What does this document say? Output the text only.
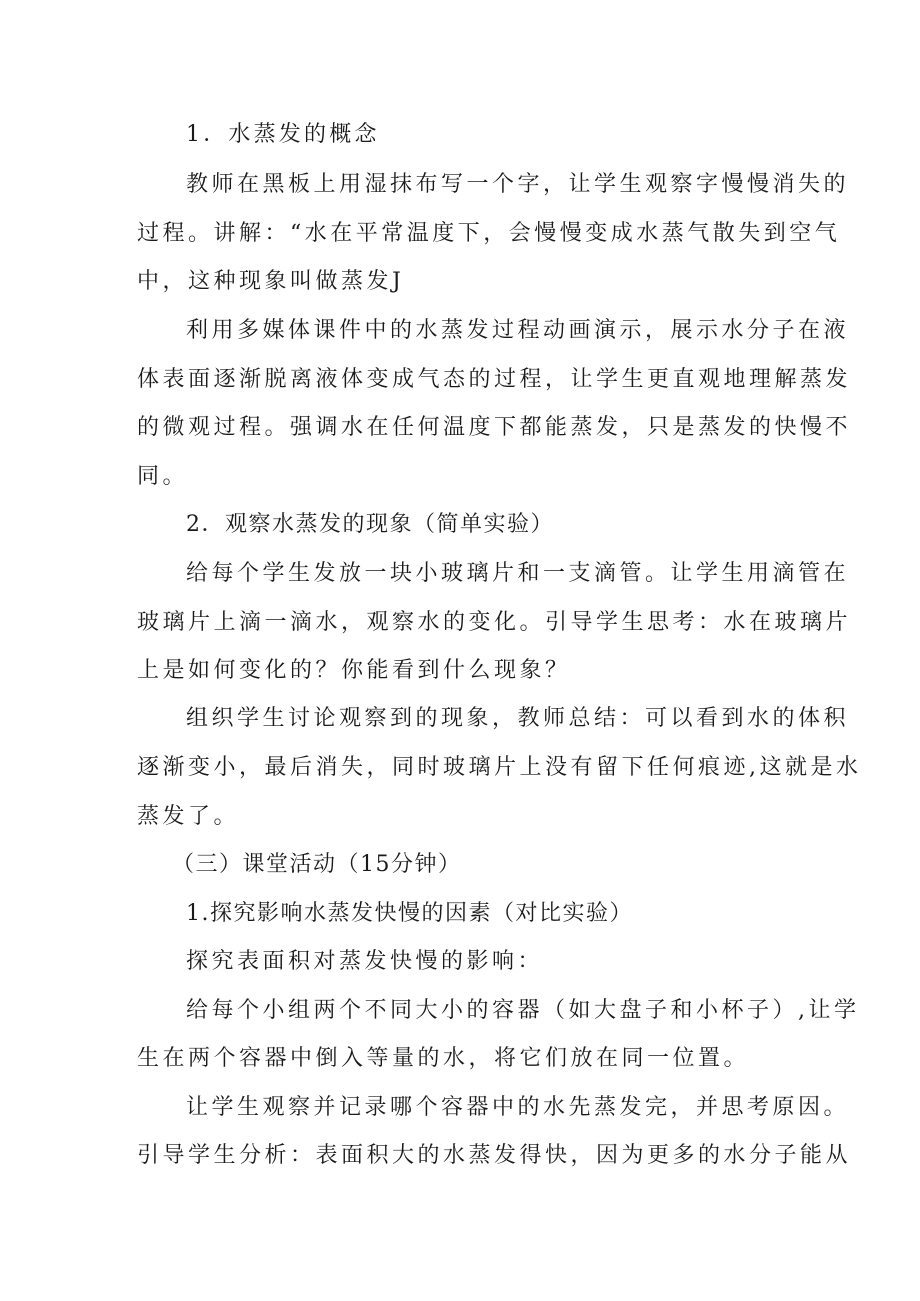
1．水蒸发的概念
教师在黑板上用湿抹布写一个字，让学生观察字慢慢消失的
过程。讲解：“水在平常温度下，会慢慢变成水蒸气散失到空气
中，这种现象叫做蒸发J
利用多媒体课件中的水蒸发过程动画演示，展示水分子在液
体表面逐渐脱离液体变成气态的过程，让学生更直观地理解蒸发
的微观过程。强调水在任何温度下都能蒸发，只是蒸发的快慢不
同。
2．观察水蒸发的现象（简单实验）
给每个学生发放一块小玻璃片和一支滴管。让学生用滴管在
玻璃片上滴一滴水，观察水的变化。引导学生思考：水在玻璃片
上是如何变化的？你能看到什么现象？
组织学生讨论观察到的现象，教师总结：可以看到水的体积
逐渐变小，最后消失，同时玻璃片上没有留下任何痕迹,这就是水
蒸发了。
（三）课堂活动（15分钟）
1.探究影响水蒸发快慢的因素（对比实验）
探究表面积对蒸发快慢的影响：
给每个小组两个不同大小的容器（如大盘子和小杯子）,让学
生在两个容器中倒入等量的水，将它们放在同一位置。
让学生观察并记录哪个容器中的水先蒸发完，并思考原因。
引导学生分析：表面积大的水蒸发得快，因为更多的水分子能从
